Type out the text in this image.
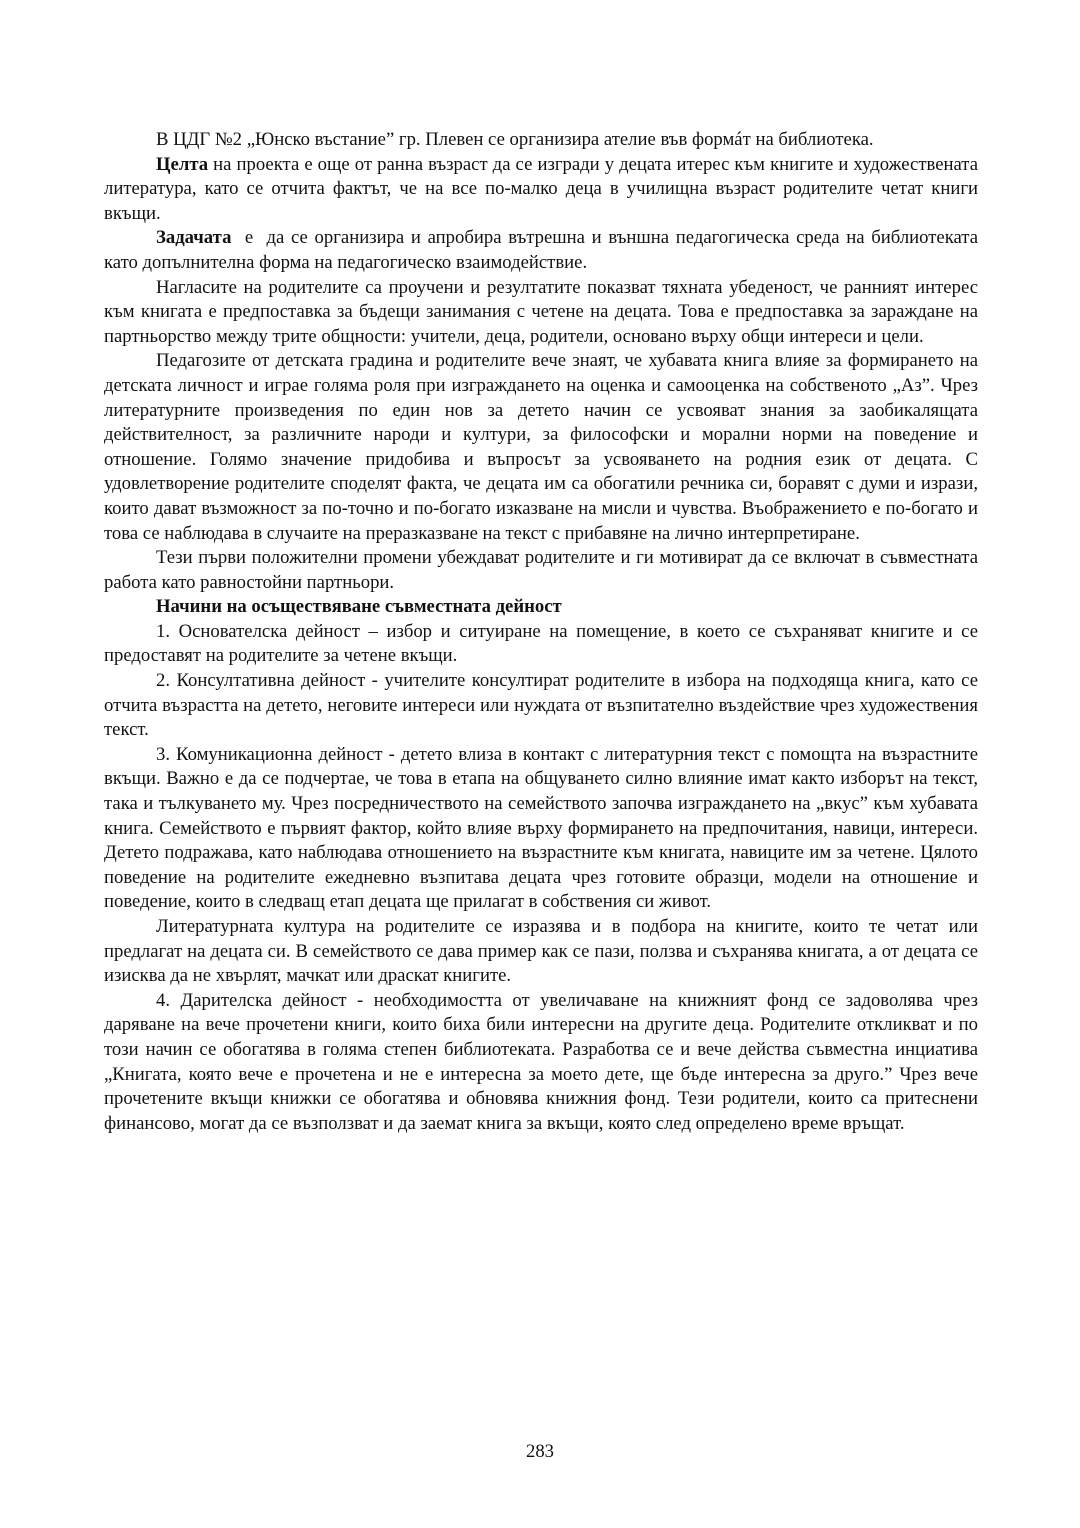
В ЦДГ №2 „Юнско въстание” гр. Плевен се организира ателие във формáт на библиотека.

Целта на проекта е още от ранна възраст да се изгради у децата итерес към книгите и художествената литература, като се отчита фактът, че на все по-малко деца в училищна възраст родителите четат книги вкъщи.

Задачата  е  да се организира и апробира вътрешна и външна педагогическа среда на библиотеката като допълнителна форма на педагогическо взаимодействие.

Нагласите на родителите са проучени и резултатите показват тяхната убеденост, че ранният интерес към книгата е предпоставка за бъдещи занимания с четене на децата. Това е предпоставка за зараждане на партньорство между трите общности: учители, деца, родители, основано върху общи интереси и цели.

Педагозите от детската градина и родителите вече знаят, че хубавата книга влияе за формирането на детската личност и играе голяма роля при изграждането на оценка и самооценка на собственото „Аз”. Чрез литературните произведения по един нов за детето начин се усвояват знания за заобикалящата действителност, за различните народи и култури, за философски и морални норми на поведение и отношение. Голямо значение придобива и въпросът за усвояването на родния език от децата. С удовлетворение родителите споделят факта, че децата им са обогатили речника си, боравят с думи и изрази, които дават възможност за по-точно и по-богато изказване на мисли и чувства. Въображението е по-богато и това се наблюдава в случаите на преразказване на текст с прибавяне на лично интерпретиране.

Тези първи положителни промени убеждават родителите и ги мотивират да се включат в съвместната работа като равностойни партньори.

Начини на осъществяване съвместната дейност

1. Основателска дейност – избор и ситуиране на помещение, в което се съхраняват книгите и се предоставят на родителите за четене вкъщи.

2. Консултативна дейност - учителите консултират родителите в избора на подходяща книга, като се отчита възрастта на детето, неговите интереси или нуждата от възпитателно въздействие чрез художествения текст.

3. Комуникационна дейност - детето влиза в контакт с литературния текст с помощта на възрастните вкъщи. Важно е да се подчертае, че това в етапа на общуването силно влияние имат както изборът на текст, така и тълкуването му. Чрез посредничеството на семейството започва изграждането на „вкус” към хубавата книга. Семейството е първият фактор, който влияе върху формирането на предпочитания, навици, интереси. Детето подражава, като наблюдава отношението на възрастните към книгата, навиците им за четене. Цялото поведение на родителите ежедневно възпитава децата чрез готовите образци, модели на отношение и поведение, които в следващ етап децата ще прилагат в собствения си живот.

Литературната култура на родителите се изразява и в подбора на книгите, които те четат или предлагат на децата си. В семейството се дава пример как се пази, ползва и съхранява книгата, а от децата се изисква да не хвърлят, мачкат или драскат книгите.

4. Дарителска дейност - необходимостта от увеличаване на книжният фонд се задоволява чрез даряване на вече прочетени книги, които биха били интересни на другите деца. Родителите откликват и по този начин се обогатява в голяма степен библиотеката. Разработва се и вече действа съвместна инциатива „Книгата, която вече е прочетена и не е интересна за моето дете, ще бъде интересна за друго.” Чрез вече прочетените вкъщи книжки се обогатява и обновява книжния фонд. Тези родители, които са притеснени финансово, могат да се възползват и да заемат книга за вкъщи, която след определено време връщат.

283
